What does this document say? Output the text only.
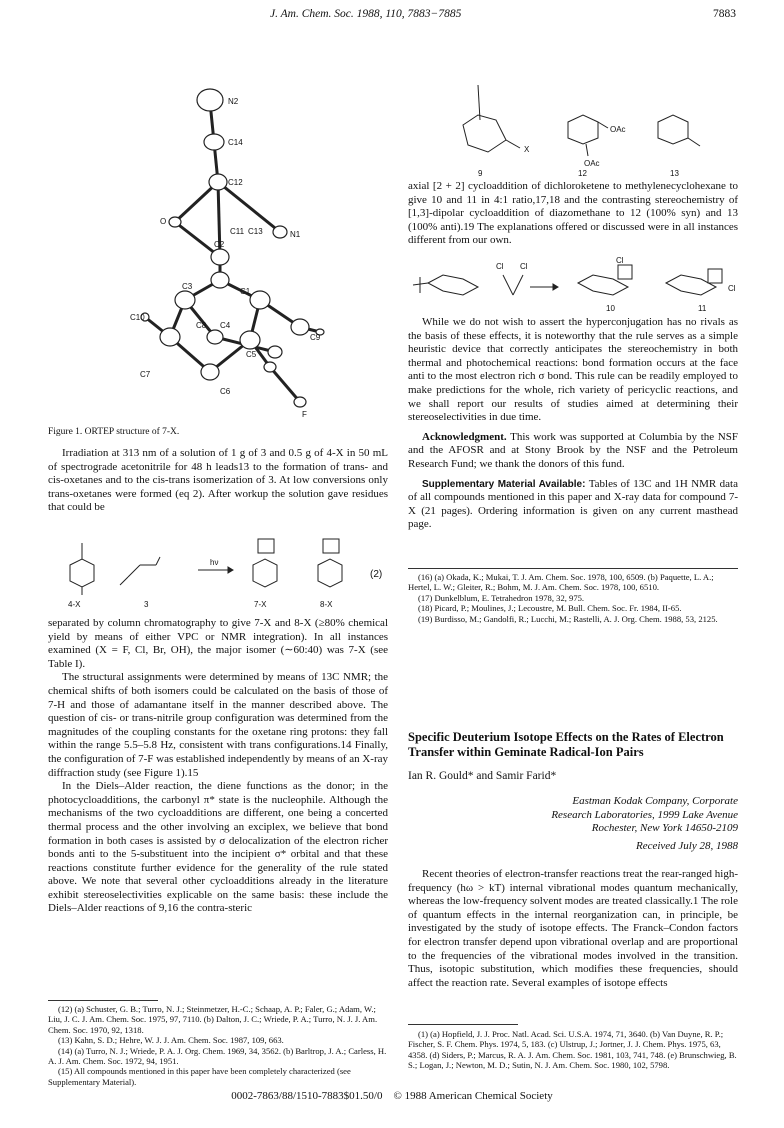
J. Am. Chem. Soc. 1988, 110, 7883−7885	7883
N2
C14
C12
O
C11 C13	N1
C2
C3
C1
C10
C8 C4
C9
C7
C5
C6
F
Figure 1. ORTEP structure of 7-X.

Irradiation at 313 nm of a solution of 1 g of 3 and 0.5 g of 4-X in 50 mL of spectrograde acetonitrile for 48 h leads13 to the formation of trans- and cis-oxetanes and to the cis-trans isomerization of 3. At low conversions only trans-oxetanes were formed (eq 2). After workup the solution gave residues that could be

hν
4-X	3	7-X	8-X
(2)

separated by column chromatography to give 7-X and 8-X (≥80% chemical yield by means of either VPC or NMR integration). In all instances examined (X = F, Cl, Br, OH), the major isomer (∼60:40) was 7-X (see Table I).

The structural assignments were determined by means of 13C NMR; the chemical shifts of both isomers could be calculated on the basis of those of 7-H and those of adamantane itself in the manner described above. The question of cis- or trans-nitrile group configuration was determined from the magnitudes of the coupling constants for the oxetane ring protons: they fall within the range 5.5–5.8 Hz, consistent with trans configurations.14 Finally, the configuration of 7-F was established independently by means of an X-ray diffraction study (see Figure 1).15

In the Diels–Alder reaction, the diene functions as the donor; in the photocycloadditions, the carbonyl π* state is the nucleophile. Although the mechanisms of the two cycloadditions are different, one being a concerted thermal process and the other involving an exciplex, we believe that bond formation in both cases is assisted by σ delocalization of the electron richer bonds anti to the 5-substituent into the incipient σ* orbital and that these reactions constitute further evidence for the generality of the rule stated above. We note that several other cycloadditions already in the literature exhibit stereoselectivities explicable on the same basis: these include the Diels–Alder reactions of 9,16 the contra-steric

(12) (a) Schuster, G. B.; Turro, N. J.; Steinmetzer, H.-C.; Schaap, A. P.; Faler, G.; Adam, W.; Liu, J. C. J. Am. Chem. Soc. 1975, 97, 7110. (b) Dalton, J. C.; Wriede, P. A.; Turro, N. J. J. Am. Chem. Soc. 1970, 92, 1318.
(13) Kahn, S. D.; Hehre, W. J. J. Am. Chem. Soc. 1987, 109, 663.
(14) (a) Turro, N. J.; Wriede, P. A. J. Org. Chem. 1969, 34, 3562. (b) Barltrop, J. A.; Carless, H. A. J. Am. Chem. Soc. 1972, 94, 1951.
(15) All compounds mentioned in this paper have been completely characterized (see Supplementary Material).
X
OAc
OAc
9	12	13

axial [2 + 2] cycloaddition of dichloroketene to methylenecyclohexane to give 10 and 11 in 4:1 ratio,17,18 and the contrasting stereochemistry of [1,3]-dipolar cycloaddition of diazomethane to 12 (100% syn) and 13 (100% anti).19 The explanations offered or discussed were in all instances different from our own.

Cl Cl
Cl
Cl
10	11

While we do not wish to assert the hyperconjugation has no rivals as the basis of these effects, it is noteworthy that the rule serves as a simple heuristic device that correctly anticipates the stereochemistry in both thermal and photochemical reactions: bond formation occurs at the face anti to the most electron rich σ bond. This rule can be readily employed to make predictions for the whole, rich variety of pericyclic reactions, and we shall report our results of studies aimed at determining their stereoselectivities in due time.

Acknowledgment. This work was supported at Columbia by the NSF and the AFOSR and at Stony Brook by the NSF and the Petroleum Research Fund; we thank the donors of this fund.

Supplementary Material Available: Tables of 13C and 1H NMR data of all compounds mentioned in this paper and X-ray data for compound 7-X (21 pages). Ordering information is given on any current masthead page.

(16) (a) Okada, K.; Mukai, T. J. Am. Chem. Soc. 1978, 100, 6509. (b) Paquette, L. A.; Hertel, L. W.; Gleiter, R.; Bohm, M. J. Am. Chem. Soc. 1978, 100, 6510.
(17) Dunkelblum, E. Tetrahedron 1978, 32, 975.
(18) Picard, P.; Moulines, J.; Lecoustre, M. Bull. Chem. Soc. Fr. 1984, II-65.
(19) Burdisso, M.; Gandolfi, R.; Lucchi, M.; Rastelli, A. J. Org. Chem. 1988, 53, 2125.
Specific Deuterium Isotope Effects on the Rates of Electron Transfer within Geminate Radical-Ion Pairs
Ian R. Gould* and Samir Farid*
Eastman Kodak Company, Corporate
Research Laboratories, 1999 Lake Avenue
Rochester, New York 14650-2109
Received July 28, 1988

Recent theories of electron-transfer reactions treat the rear-ranged high-frequency (hω > kT) internal vibrational modes quantum mechanically, whereas the low-frequency solvent modes are treated classically.1 The role of quantum effects in the internal reorganization can, in principle, be investigated by the study of isotope effects. The Franck–Condon factors for electron transfer depend upon vibrational overlap and are proportional to the frequencies of the vibrational modes involved in the transition. Thus, isotopic substitution, which modifies these frequencies, should affect the reaction rate. Several examples of isotope effects

(1) (a) Hopfield, J. J. Proc. Natl. Acad. Sci. U.S.A. 1974, 71, 3640. (b) Van Duyne, R. P.; Fischer, S. F. Chem. Phys. 1974, 5, 183. (c) Ulstrup, J.; Jortner, J. J. Chem. Phys. 1975, 63, 4358. (d) Siders, P.; Marcus, R. A. J. Am. Chem. Soc. 1981, 103, 741, 748. (e) Brunschwieg, B. S.; Logan, J.; Newton, M. D.; Sutin, N. J. Am. Chem. Soc. 1980, 102, 5798.
0002-7863/88/1510-7883$01.50/0 © 1988 American Chemical Society
